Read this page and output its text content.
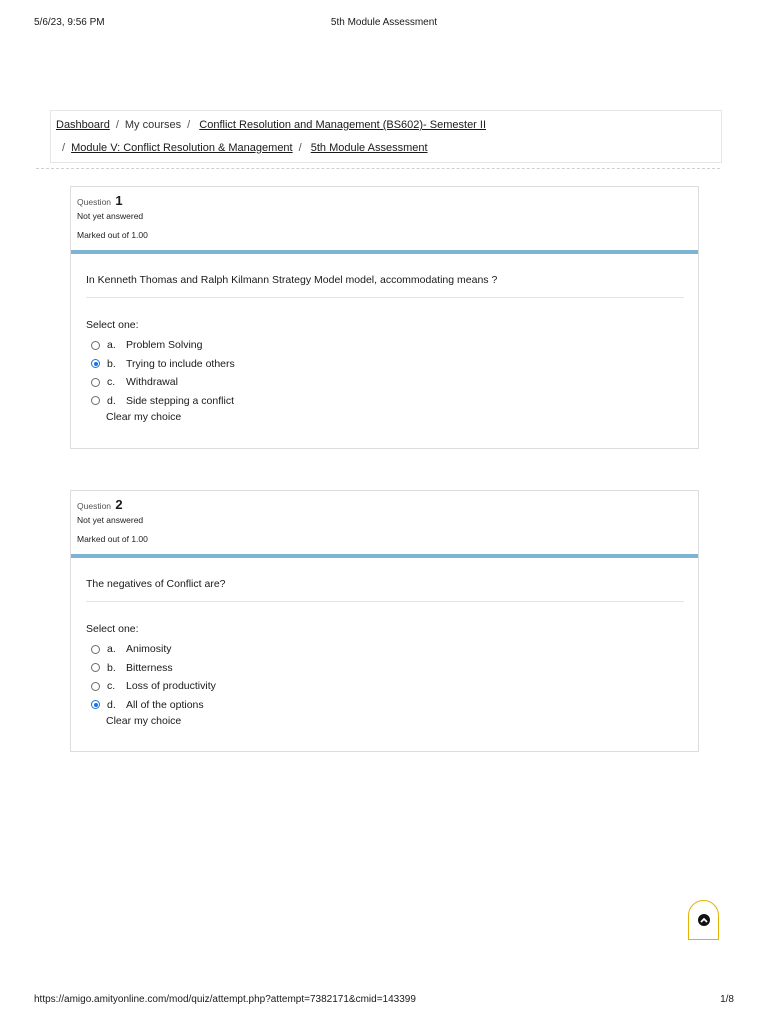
5/6/23, 9:56 PM	5th Module Assessment
Dashboard / My courses / Conflict Resolution and Management (BS602)- Semester II
/ Module V: Conflict Resolution & Management / 5th Module Assessment
Question 1
Not yet answered
Marked out of 1.00
In Kenneth Thomas and Ralph Kilmann Strategy Model model, accommodating means ?
Select one:
a. Problem Solving
b. Trying to include others
c.	Withdrawal
d. Side stepping a conflict
Clear my choice
Question 2
Not yet answered
Marked out of 1.00
The negatives of Conflict are?
Select one:
a. Animosity
b. Bitterness
c.	Loss of productivity
d. All of the options
Clear my choice
https://amigo.amityonline.com/mod/quiz/attempt.php?attempt=7382171&cmid=143399	1/8
